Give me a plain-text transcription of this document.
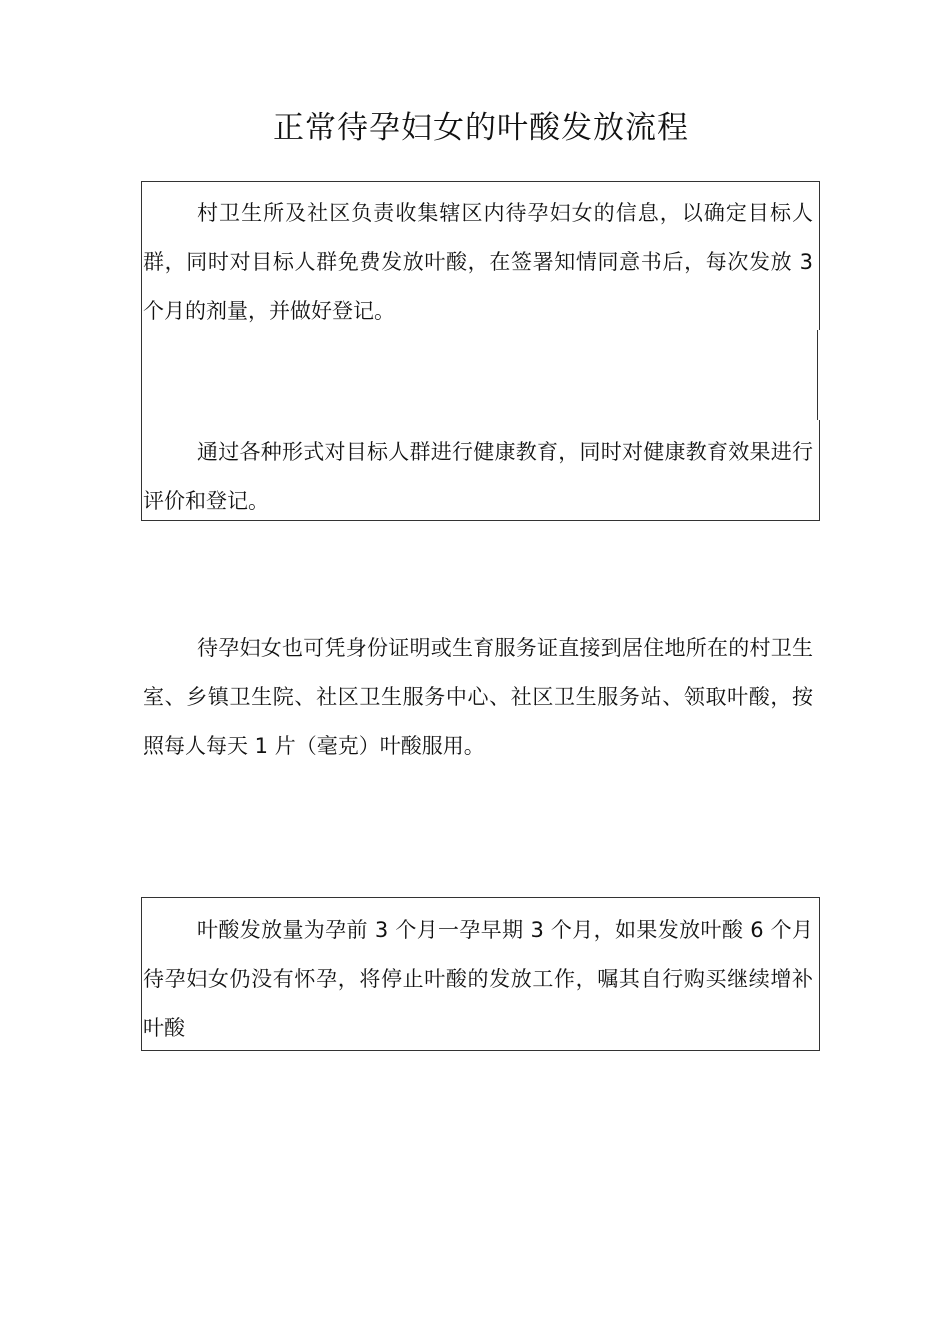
正常待孕妇女的叶酸发放流程

村卫生所及社区负责收集辖区内待孕妇女的信息，以确定目标人群，同时对目标人群免费发放叶酸，在签署知情同意书后，每次发放 3 个月的剂量，并做好登记。

通过各种形式对目标人群进行健康教育，同时对健康教育效果进行评价和登记。

待孕妇女也可凭身份证明或生育服务证直接到居住地所在的村卫生室、乡镇卫生院、社区卫生服务中心、社区卫生服务站、领取叶酸，按照每人每天 1 片（毫克）叶酸服用。

叶酸发放量为孕前 3 个月一孕早期 3 个月，如果发放叶酸 6 个月待孕妇女仍没有怀孕，将停止叶酸的发放工作，嘱其自行购买继续增补叶酸
